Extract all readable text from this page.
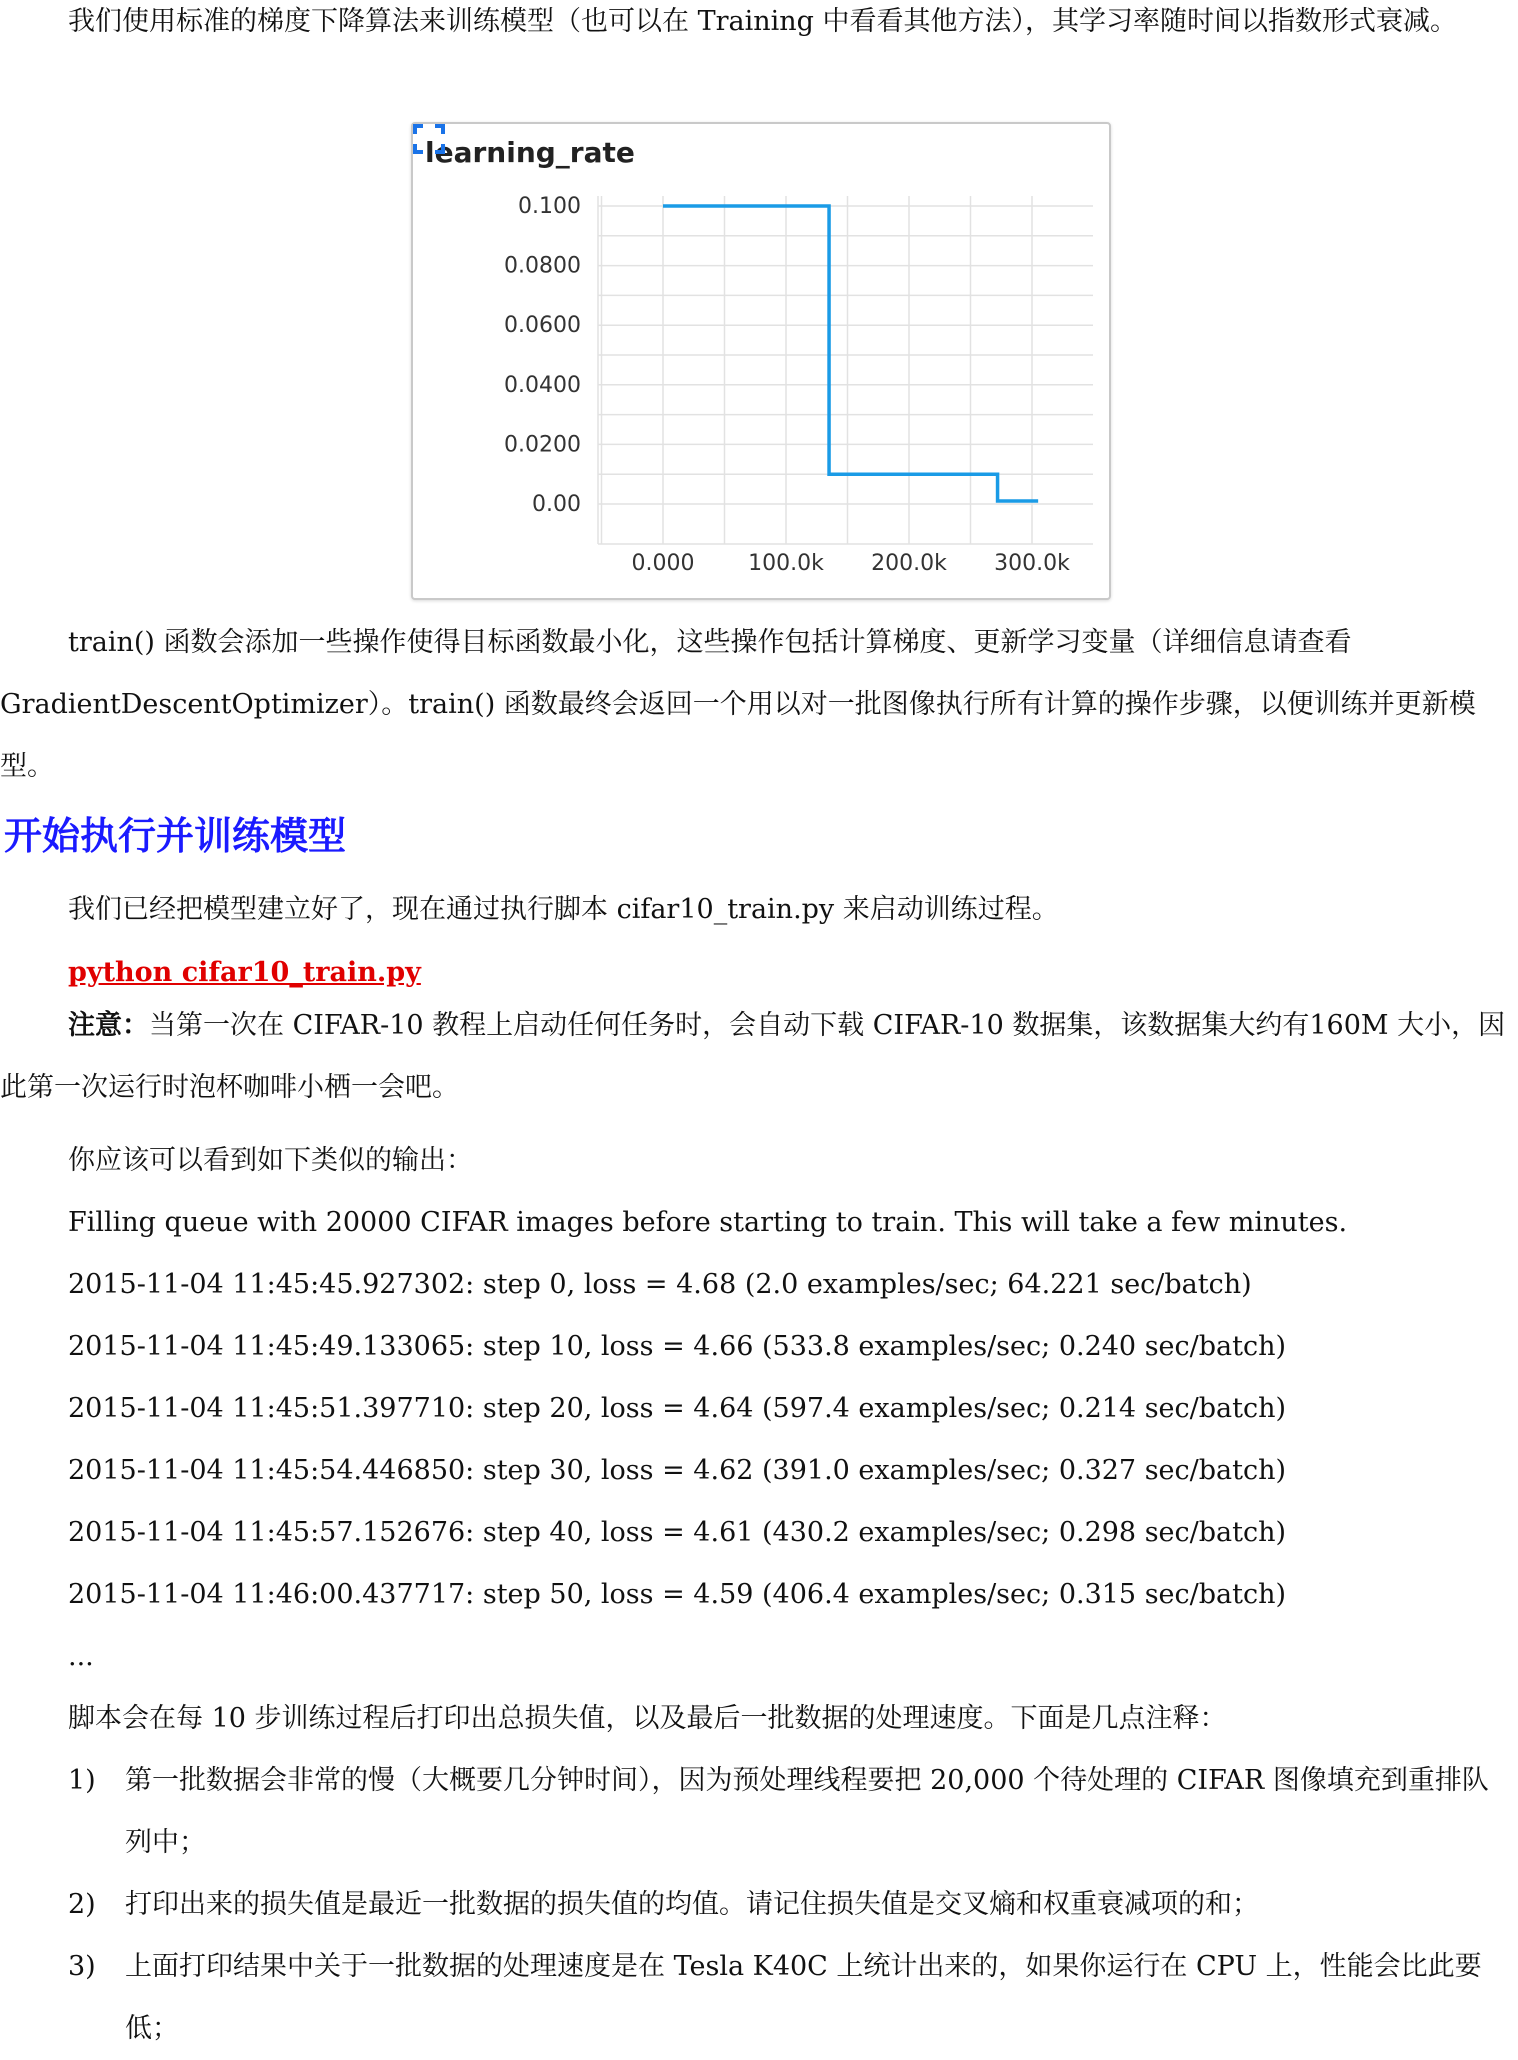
我们使用标准的梯度下降算法来训练模型（也可以在 Training 中看看其他方法），其学习率随时间以指数形式衰减。

learning_rate
0.00
0.0200
0.0400
0.0600
0.0800
0.100
0.000 100.0k 200.0k 300.0k

train() 函数会添加一些操作使得目标函数最小化，这些操作包括计算梯度、更新学习变量（详细信息请查看 GradientDescentOptimizer）。train() 函数最终会返回一个用以对一批图像执行所有计算的操作步骤，以便训练并更新模型。

开始执行并训练模型

我们已经把模型建立好了，现在通过执行脚本 cifar10_train.py 来启动训练过程。

python cifar10_train.py

注意：当第一次在 CIFAR-10 教程上启动任何任务时，会自动下载 CIFAR-10 数据集，该数据集大约有160M 大小，因此第一次运行时泡杯咖啡小栖一会吧。

你应该可以看到如下类似的输出：

Filling queue with 20000 CIFAR images before starting to train. This will take a few minutes.

2015-11-04 11:45:45.927302: step 0, loss = 4.68 (2.0 examples/sec; 64.221 sec/batch)

2015-11-04 11:45:49.133065: step 10, loss = 4.66 (533.8 examples/sec; 0.240 sec/batch)

2015-11-04 11:45:51.397710: step 20, loss = 4.64 (597.4 examples/sec; 0.214 sec/batch)

2015-11-04 11:45:54.446850: step 30, loss = 4.62 (391.0 examples/sec; 0.327 sec/batch)

2015-11-04 11:45:57.152676: step 40, loss = 4.61 (430.2 examples/sec; 0.298 sec/batch)

2015-11-04 11:46:00.437717: step 50, loss = 4.59 (406.4 examples/sec; 0.315 sec/batch)

...

脚本会在每 10 步训练过程后打印出总损失值，以及最后一批数据的处理速度。下面是几点注释：

1)	第一批数据会非常的慢（大概要几分钟时间），因为预处理线程要把 20,000 个待处理的 CIFAR 图像填充到重排队列中；
2)	打印出来的损失值是最近一批数据的损失值的均值。请记住损失值是交叉熵和权重衰减项的和；
3)	上面打印结果中关于一批数据的处理速度是在 Tesla K40C 上统计出来的，如果你运行在 CPU 上，性能会比此要低；
